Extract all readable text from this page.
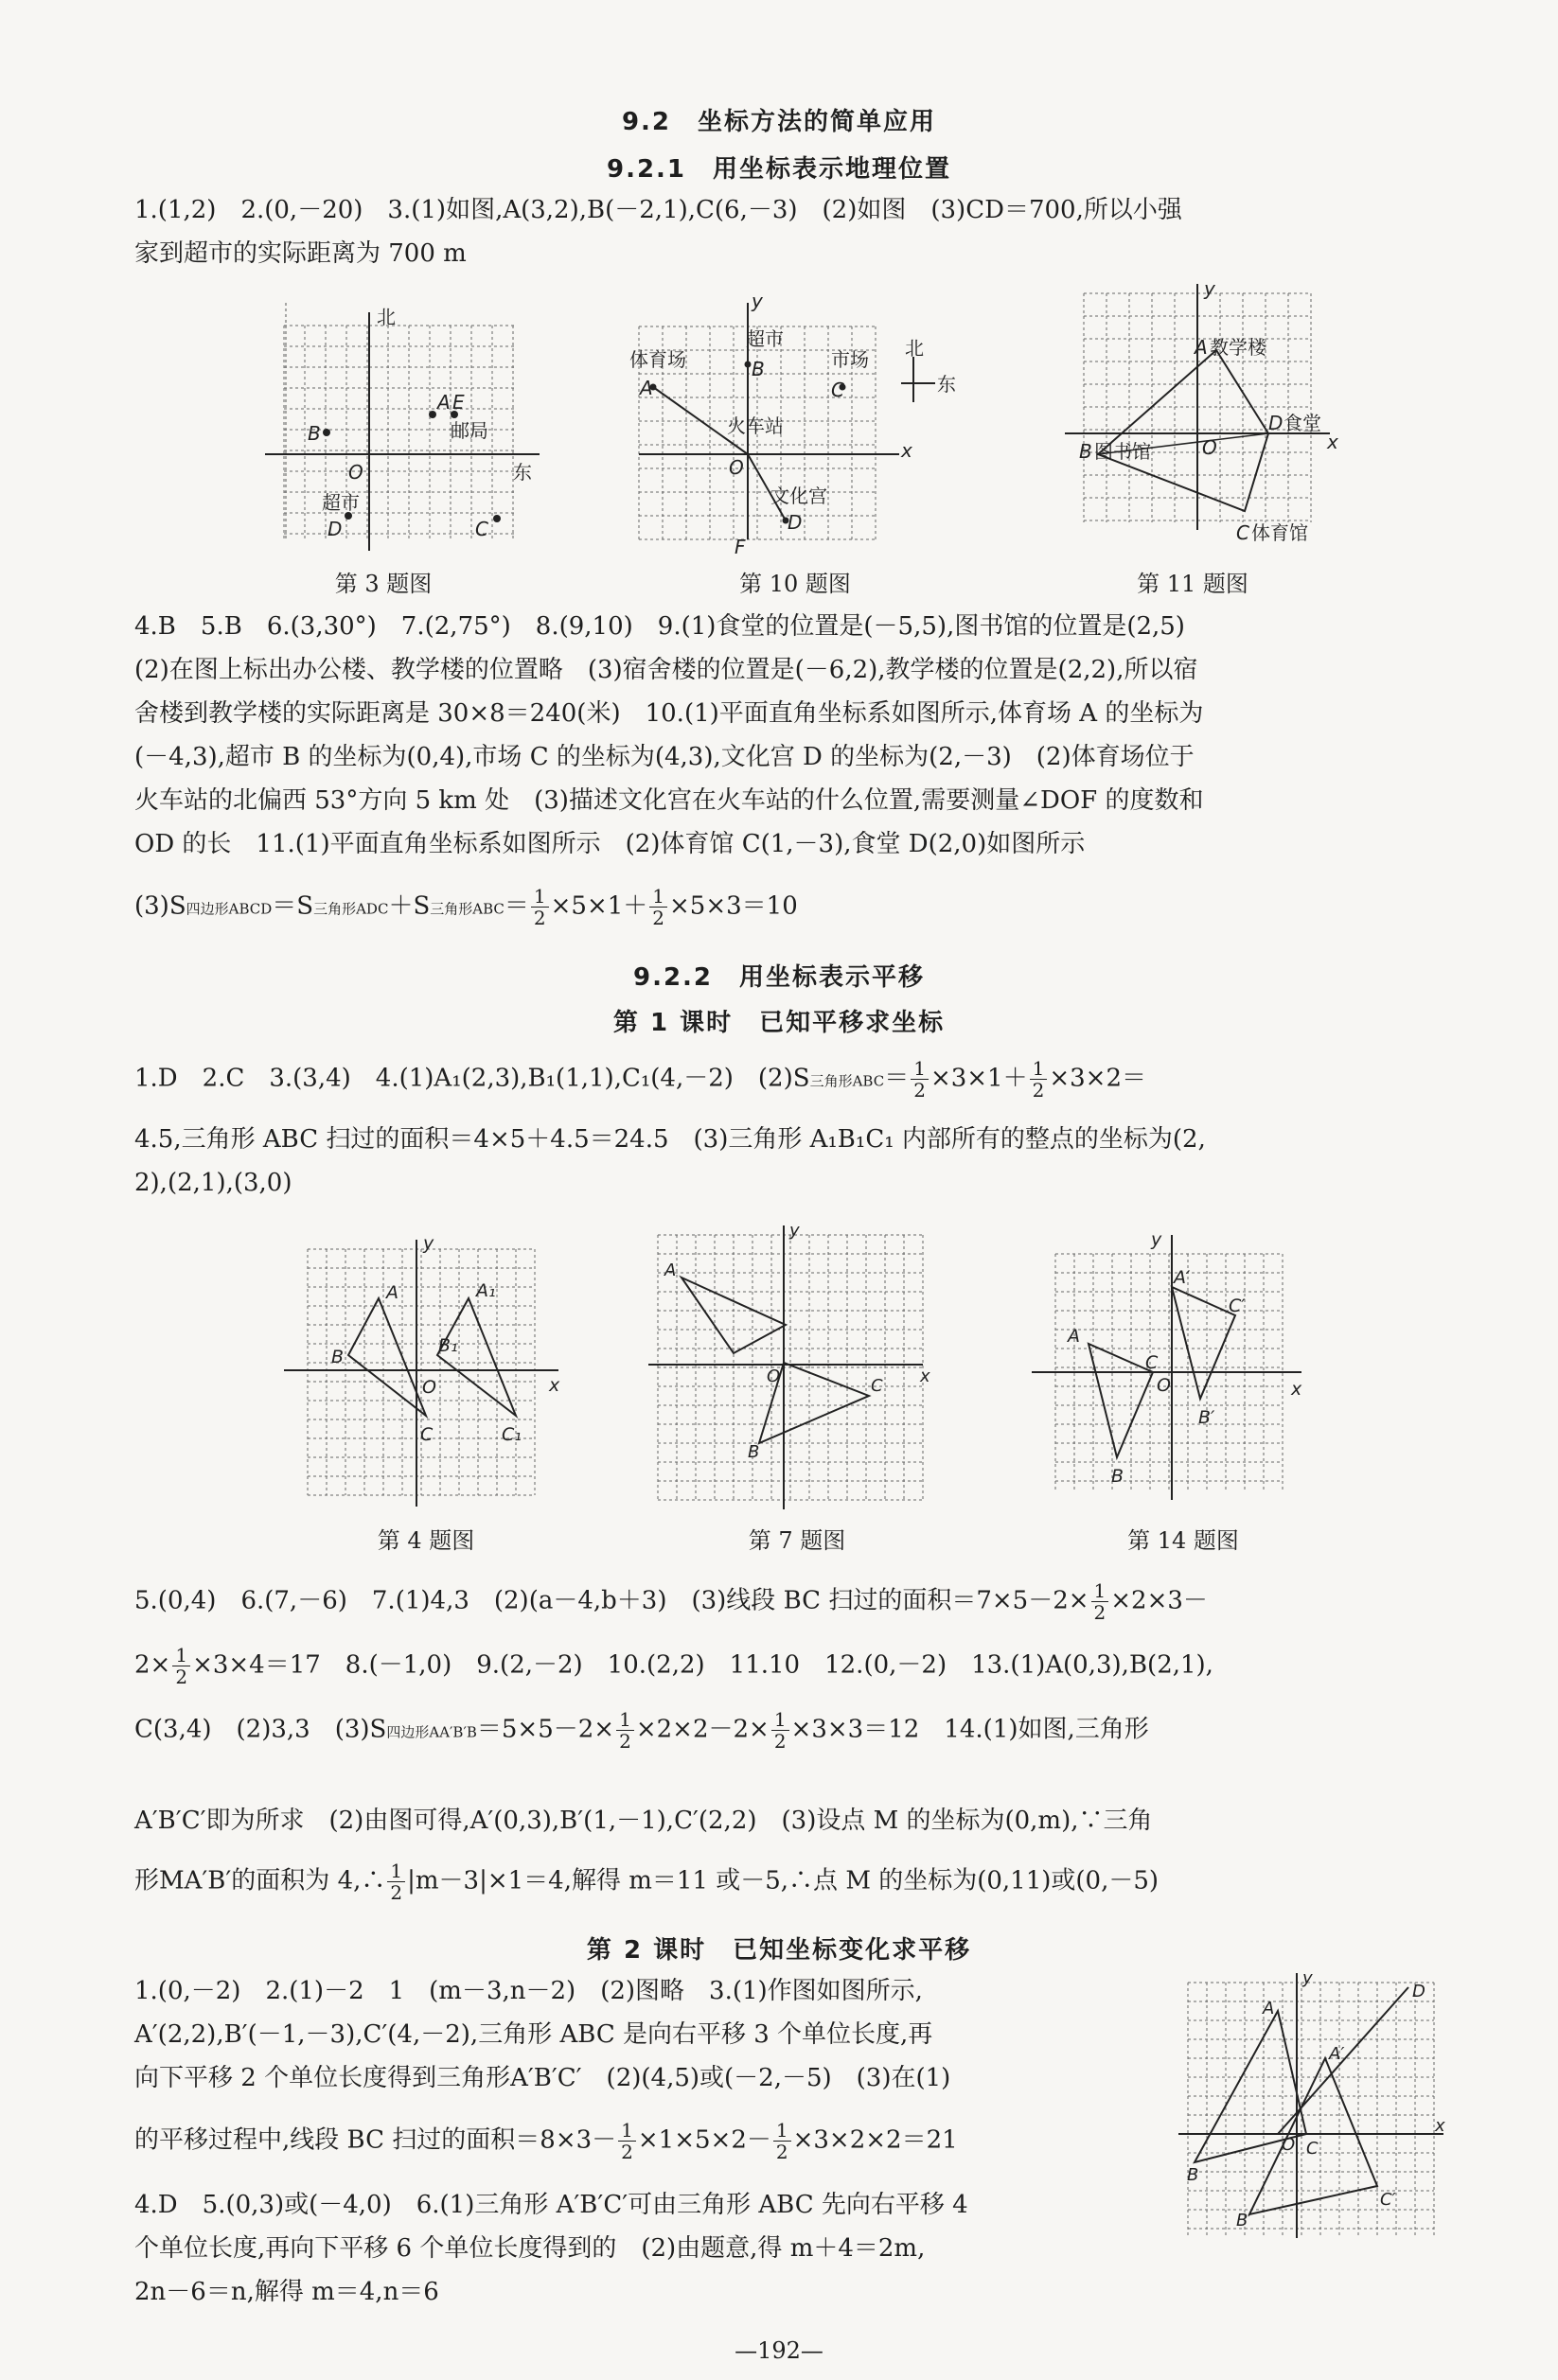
9.2　坐标方法的简单应用
9.2.1　用坐标表示地理位置
1.(1,2)　2.(0,－20)　3.(1)如图,A(3,2),B(－2,1),C(6,－3)　(2)如图　(3)CD＝700,所以小强
家到超市的实际距离为 700 m
北
东
O
B
A E
邮局
超市
D	C
第 3 题图
y
x
北
东
体育场
A
超市
B	市场
C
火车站
O
文化宫
D
F
第 10 题图
y
x
A 教学楼
D 食堂
B 图书馆	O
C 体育馆
第 11 题图
4.B　5.B　6.(3,30°)　7.(2,75°)　8.(9,10)　9.(1)食堂的位置是(－5,5),图书馆的位置是(2,5)
(2)在图上标出办公楼、教学楼的位置略　(3)宿舍楼的位置是(－6,2),教学楼的位置是(2,2),所以宿
舍楼到教学楼的实际距离是 30×8＝240(米)　10.(1)平面直角坐标系如图所示,体育场 A 的坐标为
(－4,3),超市 B 的坐标为(0,4),市场 C 的坐标为(4,3),文化宫 D 的坐标为(2,－3)　(2)体育场位于
火车站的北偏西 53°方向 5 km 处　(3)描述文化宫在火车站的什么位置,需要测量∠DOF 的度数和
OD 的长　11.(1)平面直角坐标系如图所示　(2)体育馆 C(1,－3),食堂 D(2,0)如图所示
(3)S四边形ABCD＝S三角形ADC＋S三角形$ABC= \frac{1}{2} \times 5\times 1+ \frac{1}{2} \times 5\times 3=10$
9.2.2　用坐标表示平移
第 1 课时　已知平移求坐标
1.D　2.C　3.(3,4)　4.(1)A₁(2,3),B₁(1,1),C₁(4,－2)　(2)S三角形$ABC= \frac{1}{2} \times 3\times 1+ \frac{1}{2} \times 3\times 2=$
4.5,三角形 ABC 扫过的面积＝4×5＋4.5＝24.5　(3)三角形 A₁B₁C₁ 内部所有的整点的坐标为(2,
2),(2,1),(3,0)
y
x
A
B
C
O
A₁
B₁
C₁
第 4 题图
y
x
A
B
C
O
第 7 题图
y
x
A
B
C
O
A′
B′
C′
第 14 题图
5.(0,4)　6.(7,－6)　7.(1)4,3　(2)(a－4,b＋3)　(3)线段 BC 扫过的面积$=7\times 5-2\times \frac{1}{2} \times 2\times 3-$
$2\times \frac{1}{2} \times 3\times 4=17$　8.(－1,0)　9.(2,－2)　10.(2,2)　11.10　12.(0,－2)　13.(1)A(0,3),B(2,1),
C(3,4)　(2)3,3　(3)S四边形$AA'B'B=5\times 5-2\times \frac{1}{2} \times 2\times 2-2\times \frac{1}{2} \times 3\times 3=12$　14.(1)如图,三角形
A′B′C′即为所求　(2)由图可得,A′(0,3),B′(1,－1),C′(2,2)　(3)设点 M 的坐标为(0,m),∵三角
形MA′B′的面积为 4,∴ $\frac{1}{2} |m-3|\times 1=4$,解得 m＝11 或－5,∴点 M 的坐标为(0,11)或(0,－5)
第 2 课时　已知坐标变化求平移
1.(0,－2)　2.(1)－2　1　(m－3,n－2)　(2)图略　3.(1)作图如图所示,
A′(2,2),B′(－1,－3),C′(4,－2),三角形 ABC 是向右平移 3 个单位长度,再
向下平移 2 个单位长度得到三角形A′B′C′　(2)(4,5)或(－2,－5)　(3)在(1)
的平移过程中,线段 BC 扫过的面积$=8\times 3- \frac{1}{2} \times 1\times 5\times 2- \frac{1}{2} \times 3\times 2\times 2=21$
4.D　5.(0,3)或(－4,0)　6.(1)三角形 A′B′C′可由三角形 ABC 先向右平移 4
个单位长度,再向下平移 6 个单位长度得到的　(2)由题意,得 m＋4＝2m,
2n－6＝n,解得 m＝4,n＝6
y
x
A
B
C
D
O
A′
B′
C′
—192—
